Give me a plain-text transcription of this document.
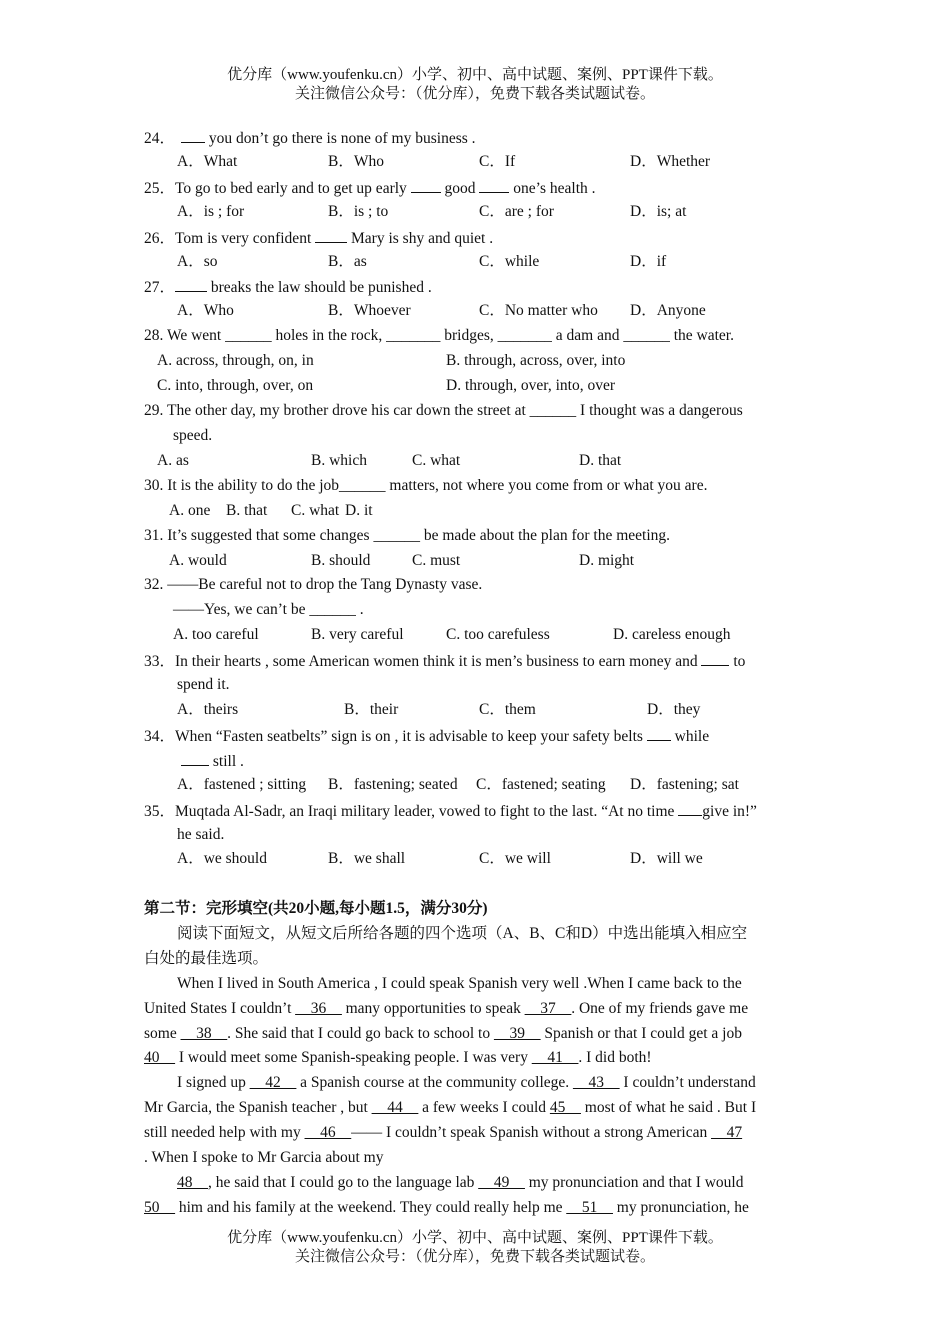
优分库（www.youfenku.cn）小学、初中、高中试题、案例、PPT课件下载。
关注微信公众号：（优分库），免费下载各类试题试卷。
24． you don’t go there is none of my business .
A．What	B．Who	C．If	D．Whether
25．To go to bed early and to get up early  good  one’s health .
A．is ; for	B．is ; to	C．are ; for	D．is; at
26．Tom is very confident  Mary is shy and quiet .
A．so	B．as	C．while	D．if
27． breaks the law should be punished .
A．Who	B．Whoever	C．No matter who D．Anyone
28. We went ______ holes in the rock, _______ bridges, _______ a dam and ______ the water.
A. across, through, on, in	B. through, across, over, into
C. into, through, over, on	D. through, over, into, over
29. The other day, my brother drove his car down the street at ______ I thought was a dangerous
speed.
A. as	B. which	C. what	D. that
30. It is the ability to do the job______ matters, not where you come from or what you are.
A. one B. that C. what D. it
31. It’s suggested that some changes ______ be made about the plan for the meeting.
A. would	B. should	C. must	D. might
32. ——Be careful not to drop the Tang Dynasty vase.
——Yes, we can’t be ______ .
A. too careful	B. very careful	C. too carefuless	D. careless enough
33．In their hearts , some American women think it is men’s business to earn money and  to
spend it.
A．theirs	B．their	C．them	D．they
34．When “Fasten seatbelts” sign is on , it is advisable to keep your safety belts  while
still .
A．fastened ; sitting B．fastening; seated C．fastened; seating D．fastening; sat
35．Muqtada Al-Sadr, an Iraqi military leader, vowed to fight to the last. “At no time give in!”
he said.
A．we should	B．we shall	C．we will	D．will we
第二节：完形填空(共20小题,每小题1.5，满分30分)
阅读下面短文，从短文后所给各题的四个选项（A、B、C和D）中选出能填入相应空
白处的最佳选项。
When I lived in South America , I could speak Spanish very well .When I came back to the
United States I couldn’t __36__ many opportunities to speak __37__. One of my friends gave me
some __38__. She said that I could go back to school to __39__ Spanish or that I could get a job
40__ I would meet some Spanish-speaking people. I was very __41__. I did both!
I signed up __42__ a Spanish course at the community college. __43__ I couldn’t understand
Mr Garcia, the Spanish teacher , but __44__ a few weeks I could 45__ most of what he said . But I
still needed help with my __46__—— I couldn’t speak Spanish without a strong American __47
. When I spoke to Mr Garcia about my
48__, he said that I could go to the language lab __49__ my pronunciation and that I would
50__ him and his family at the weekend. They could really help me __51__ my pronunciation, he
优分库（www.youfenku.cn）小学、初中、高中试题、案例、PPT课件下载。
关注微信公众号：（优分库），免费下载各类试题试卷。
